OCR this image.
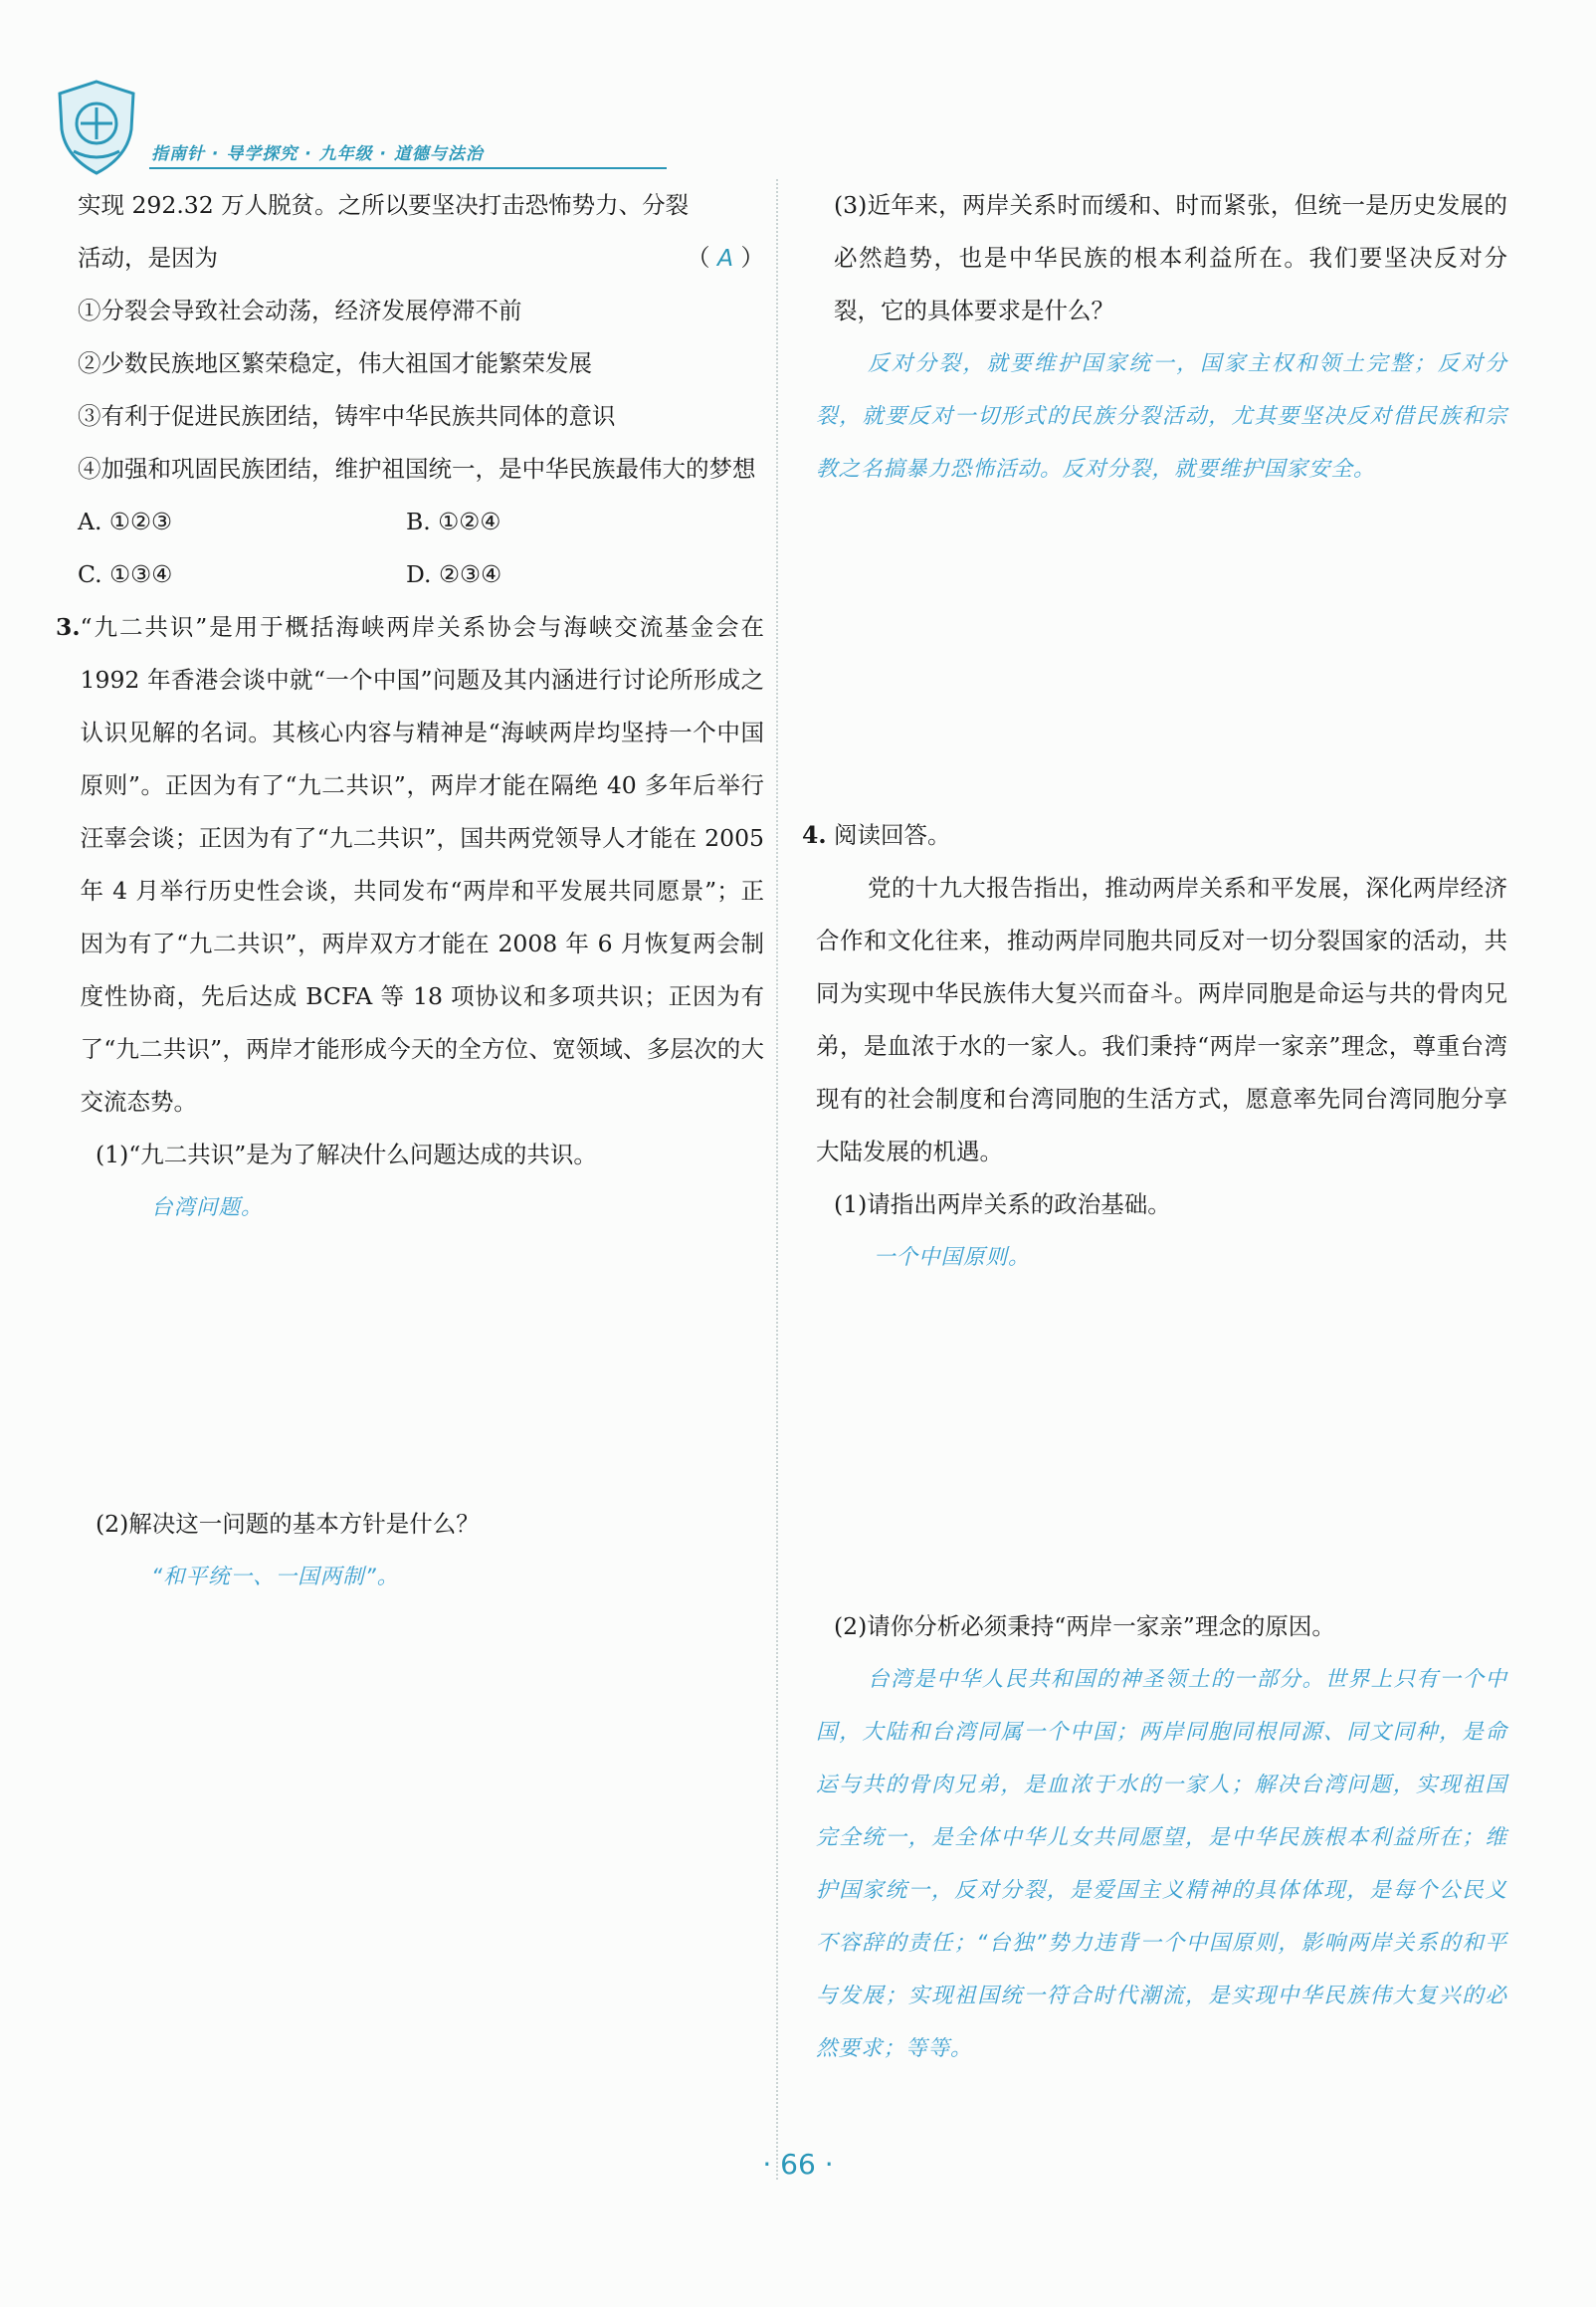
指南针 · 导学探究 · 九年级 · 道德与法治

实现 292.32 万人脱贫。之所以要坚决打击恐怖势力、分裂

活动，是因为	（ A ）

①分裂会导致社会动荡，经济发展停滞不前

②少数民族地区繁荣稳定，伟大祖国才能繁荣发展

③有利于促进民族团结，铸牢中华民族共同体的意识

④加强和巩固民族团结，维护祖国统一，是中华民族最伟大的梦想

A. ①②③	B. ①②④
C. ①③④	D. ②③④
3. “九二共识”是用于概括海峡两岸关系协会与海峡交流基金会在 1992 年香港会谈中就“一个中国”问题及其内涵进行讨论所形成之认识见解的名词。其核心内容与精神是“海峡两岸均坚持一个中国原则”。正因为有了“九二共识”，两岸才能在隔绝 40 多年后举行汪辜会谈；正因为有了“九二共识”，国共两党领导人才能在 2005 年 4 月举行历史性会谈，共同发布“两岸和平发展共同愿景”；正因为有了“九二共识”，两岸双方才能在 2008 年 6 月恢复两会制度性协商，先后达成 BCFA 等 18 项协议和多项共识；正因为有了“九二共识”，两岸才能形成今天的全方位、宽领域、多层次的大交流态势。

(1)“九二共识”是为了解决什么问题达成的共识。

台湾问题。

(2)解决这一问题的基本方针是什么？

“和平统一、一国两制”。

(3)近年来，两岸关系时而缓和、时而紧张，但统一是历史发展的必然趋势，也是中华民族的根本利益所在。我们要坚决反对分裂，它的具体要求是什么？

反对分裂，就要维护国家统一，国家主权和领土完整；反对分裂，就要反对一切形式的民族分裂活动，尤其要坚决反对借民族和宗教之名搞暴力恐怖活动。反对分裂，就要维护国家安全。

4. 阅读回答。

党的十九大报告指出，推动两岸关系和平发展，深化两岸经济合作和文化往来，推动两岸同胞共同反对一切分裂国家的活动，共同为实现中华民族伟大复兴而奋斗。两岸同胞是命运与共的骨肉兄弟，是血浓于水的一家人。我们秉持“两岸一家亲”理念，尊重台湾现有的社会制度和台湾同胞的生活方式，愿意率先同台湾同胞分享大陆发展的机遇。

(1)请指出两岸关系的政治基础。

一个中国原则。

(2)请你分析必须秉持“两岸一家亲”理念的原因。

台湾是中华人民共和国的神圣领土的一部分。世界上只有一个中国，大陆和台湾同属一个中国；两岸同胞同根同源、同文同种，是命运与共的骨肉兄弟，是血浓于水的一家人；解决台湾问题，实现祖国完全统一，是全体中华儿女共同愿望，是中华民族根本利益所在；维护国家统一，反对分裂，是爱国主义精神的具体体现，是每个公民义不容辞的责任；“台独”势力违背一个中国原则，影响两岸关系的和平与发展；实现祖国统一符合时代潮流，是实现中华民族伟大复兴的必然要求；等等。

· 66 ·
